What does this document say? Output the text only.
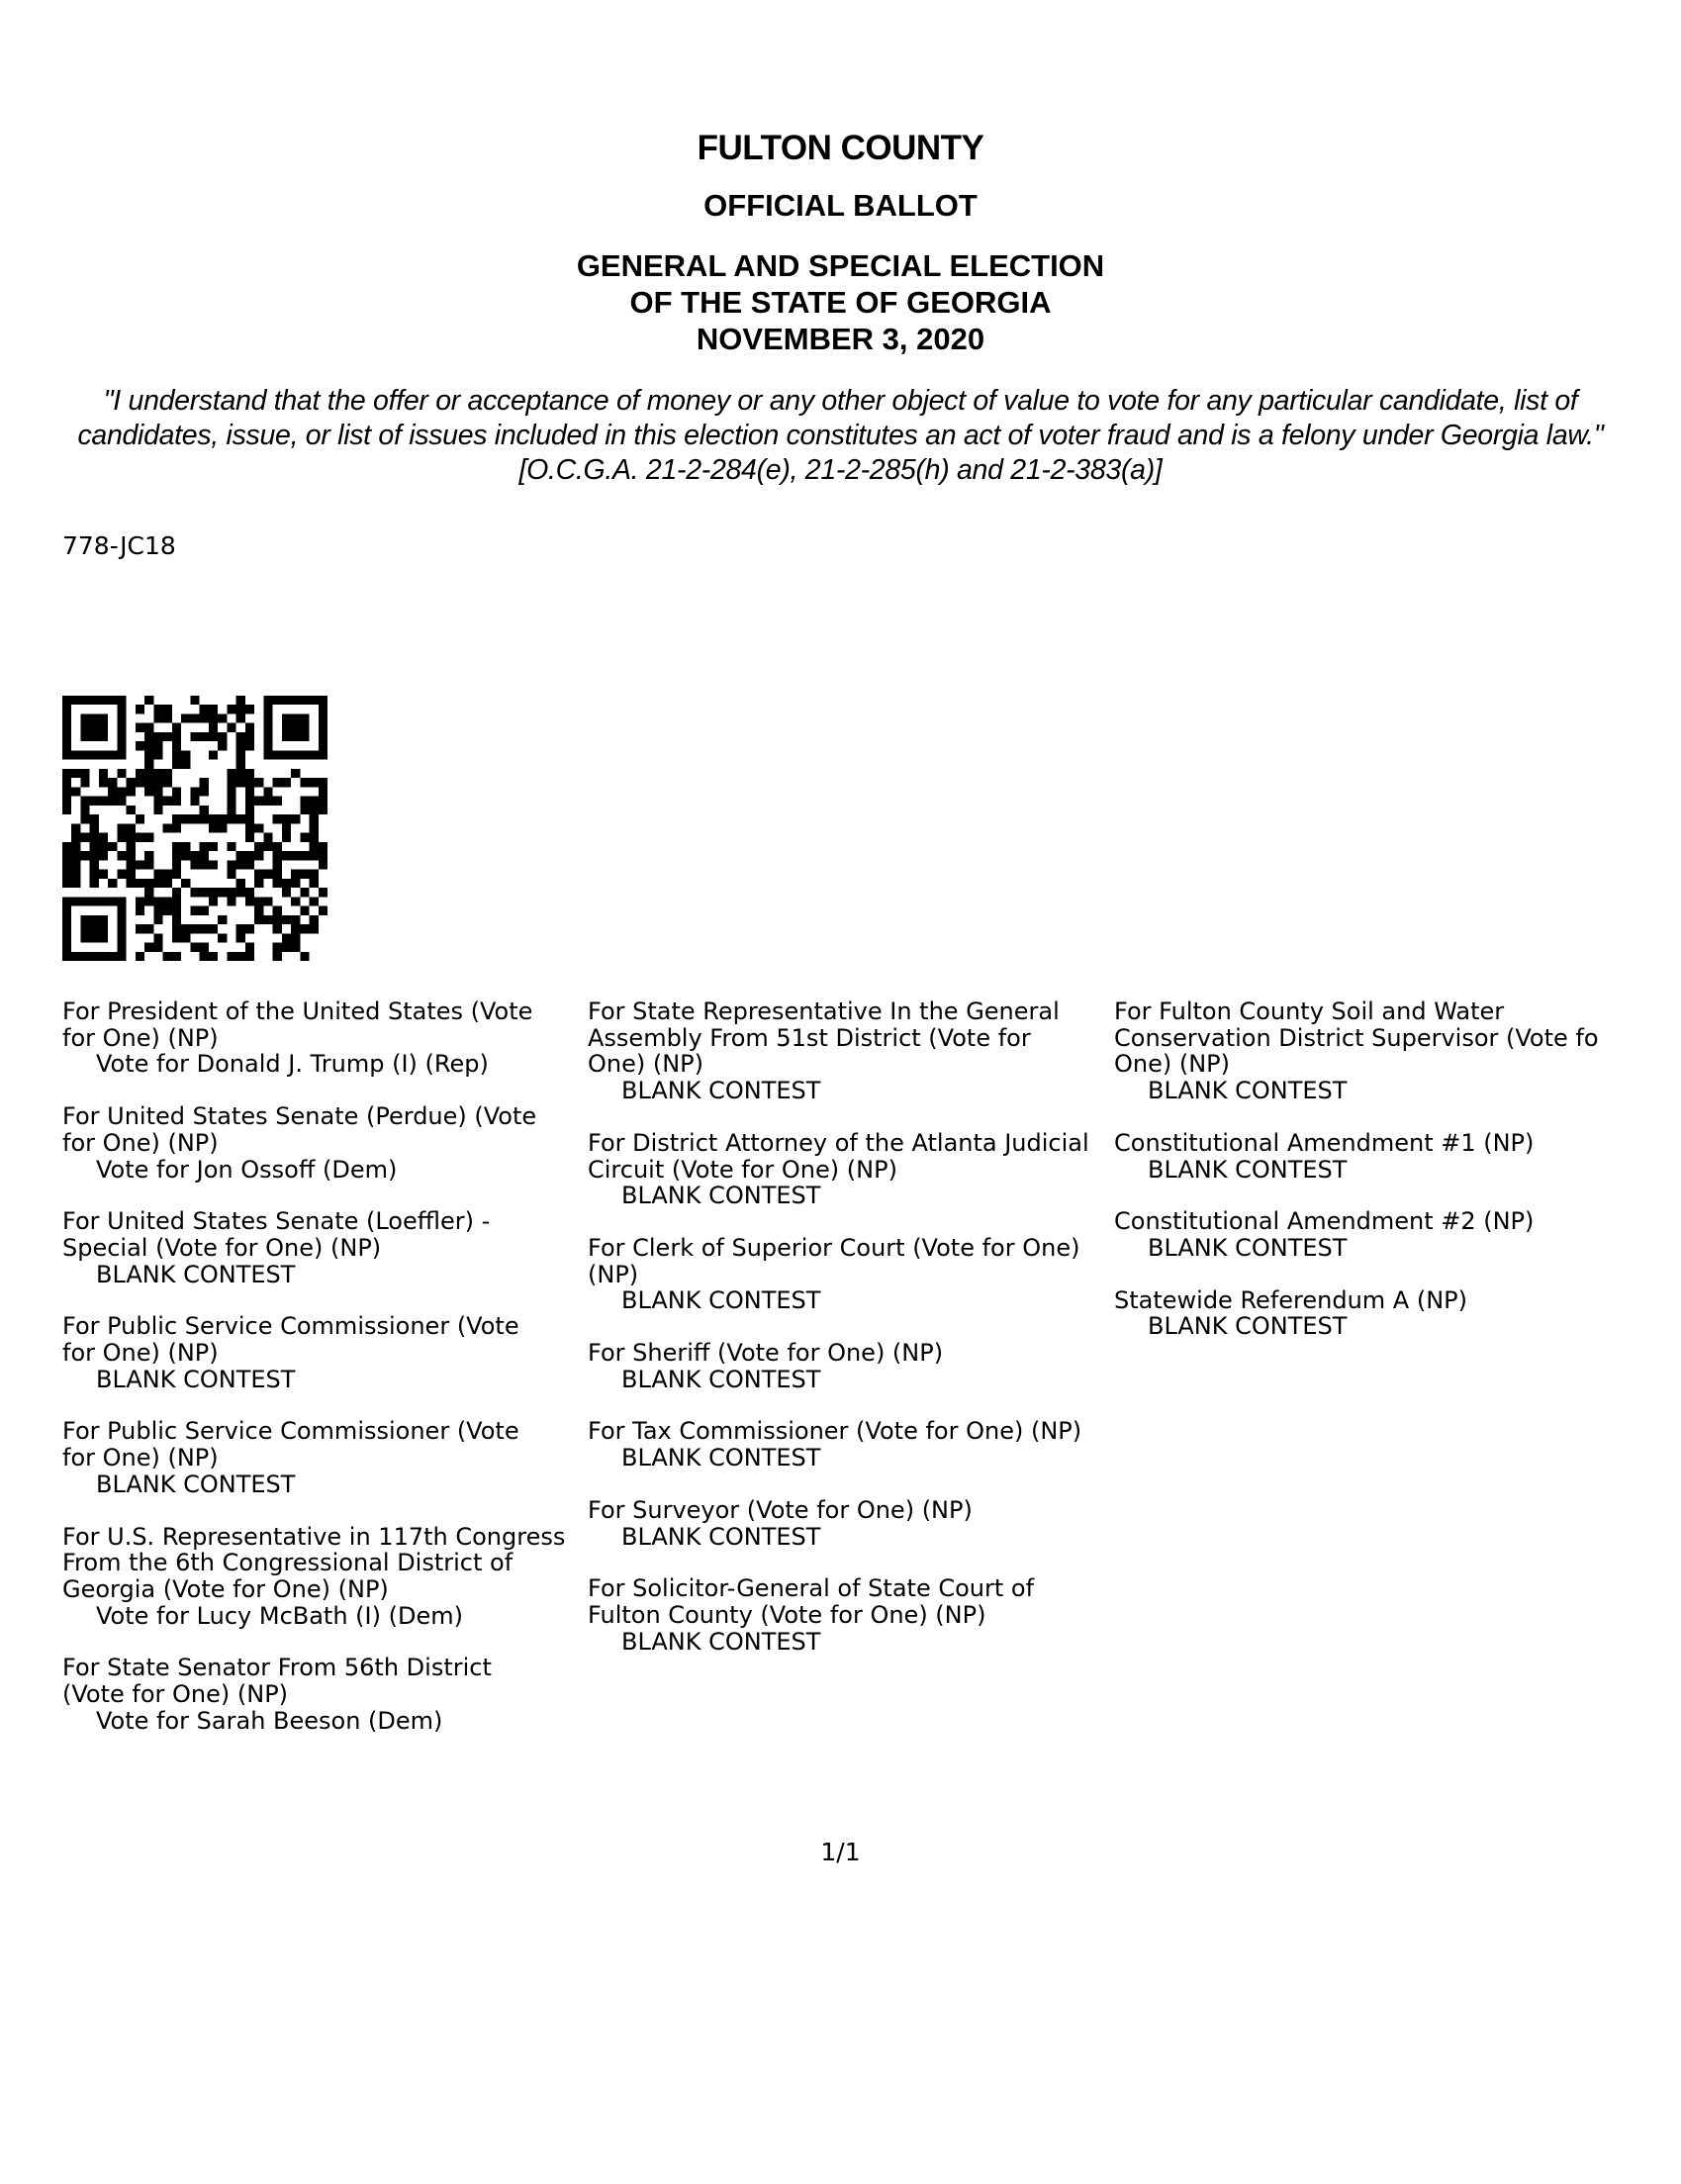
FULTON COUNTY
OFFICIAL BALLOT
GENERAL AND SPECIAL ELECTION
OF THE STATE OF GEORGIA
NOVEMBER 3, 2020
"I understand that the offer or acceptance of money or any other object of value to vote for any particular candidate, list of candidates, issue, or list of issues included in this election constitutes an act of voter fraud and is a felony under Georgia law." [O.C.G.A. 21-2-284(e), 21-2-285(h) and 21-2-383(a)]
778-JC18
For President of the United States (Vote
for One) (NP)
Vote for Donald J. Trump (I) (Rep)
For United States Senate (Perdue) (Vote
for One) (NP)
Vote for Jon Ossoff (Dem)
For United States Senate (Loeffler) -
Special (Vote for One) (NP)
BLANK CONTEST
For Public Service Commissioner (Vote
for One) (NP)
BLANK CONTEST
For Public Service Commissioner (Vote
for One) (NP)
BLANK CONTEST
For U.S. Representative in 117th Congress
From the 6th Congressional District of
Georgia (Vote for One) (NP)
Vote for Lucy McBath (I) (Dem)
For State Senator From 56th District
(Vote for One) (NP)
Vote for Sarah Beeson (Dem)
For State Representative In the General
Assembly From 51st District (Vote for
One) (NP)
BLANK CONTEST
For District Attorney of the Atlanta Judicial
Circuit (Vote for One) (NP)
BLANK CONTEST
For Clerk of Superior Court (Vote for One)
(NP)
BLANK CONTEST
For Sheriff (Vote for One) (NP)
BLANK CONTEST
For Tax Commissioner (Vote for One) (NP)
BLANK CONTEST
For Surveyor (Vote for One) (NP)
BLANK CONTEST
For Solicitor-General of State Court of
Fulton County (Vote for One) (NP)
BLANK CONTEST
For Fulton County Soil and Water
Conservation District Supervisor (Vote fo
One) (NP)
BLANK CONTEST
Constitutional Amendment #1 (NP)
BLANK CONTEST
Constitutional Amendment #2 (NP)
BLANK CONTEST
Statewide Referendum A (NP)
BLANK CONTEST
1/1
